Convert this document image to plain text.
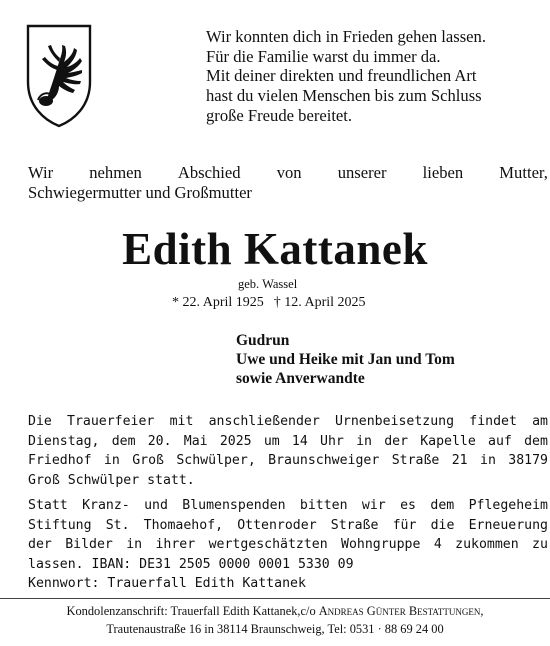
Wir konnten dich in Frieden gehen lassen.
Für die Familie warst du immer da.
Mit deiner direkten und freundlichen Art
hast du vielen Menschen bis zum Schluss
große Freude bereitet.
Wir nehmen Abschied von unserer lieben Mutter,
Schwiegermutter und Großmutter
Edith Kattanek
geb. Wassel
* 22. April 1925 † 12. April 2025
Gudrun
Uwe und Heike mit Jan und Tom
sowie Anverwandte
Die Trauerfeier mit anschließender Urnenbeisetzung findet am
Dienstag, dem 20. Mai 2025 um 14 Uhr in der Kapelle auf dem
Friedhof in Groß Schwülper, Braunschweiger Straße 21 in 38179
Groß Schwülper statt.
Statt Kranz- und Blumenspenden bitten wir es dem Pflegeheim
Stiftung St. Thomaehof, Ottenroder Straße für die Erneuerung
der Bilder in ihrer wertgeschätzten Wohngruppe 4 zukommen zu
lassen. IBAN: DE31 2505 0000 0001 5330 09
Kennwort: Trauerfall Edith Kattanek
Kondolenzanschrift: Trauerfall Edith Kattanek,c/o Andreas Günter Bestattungen,
Trautenaustraße 16 in 38114 Braunschweig, Tel: 0531 · 88 69 24 00
